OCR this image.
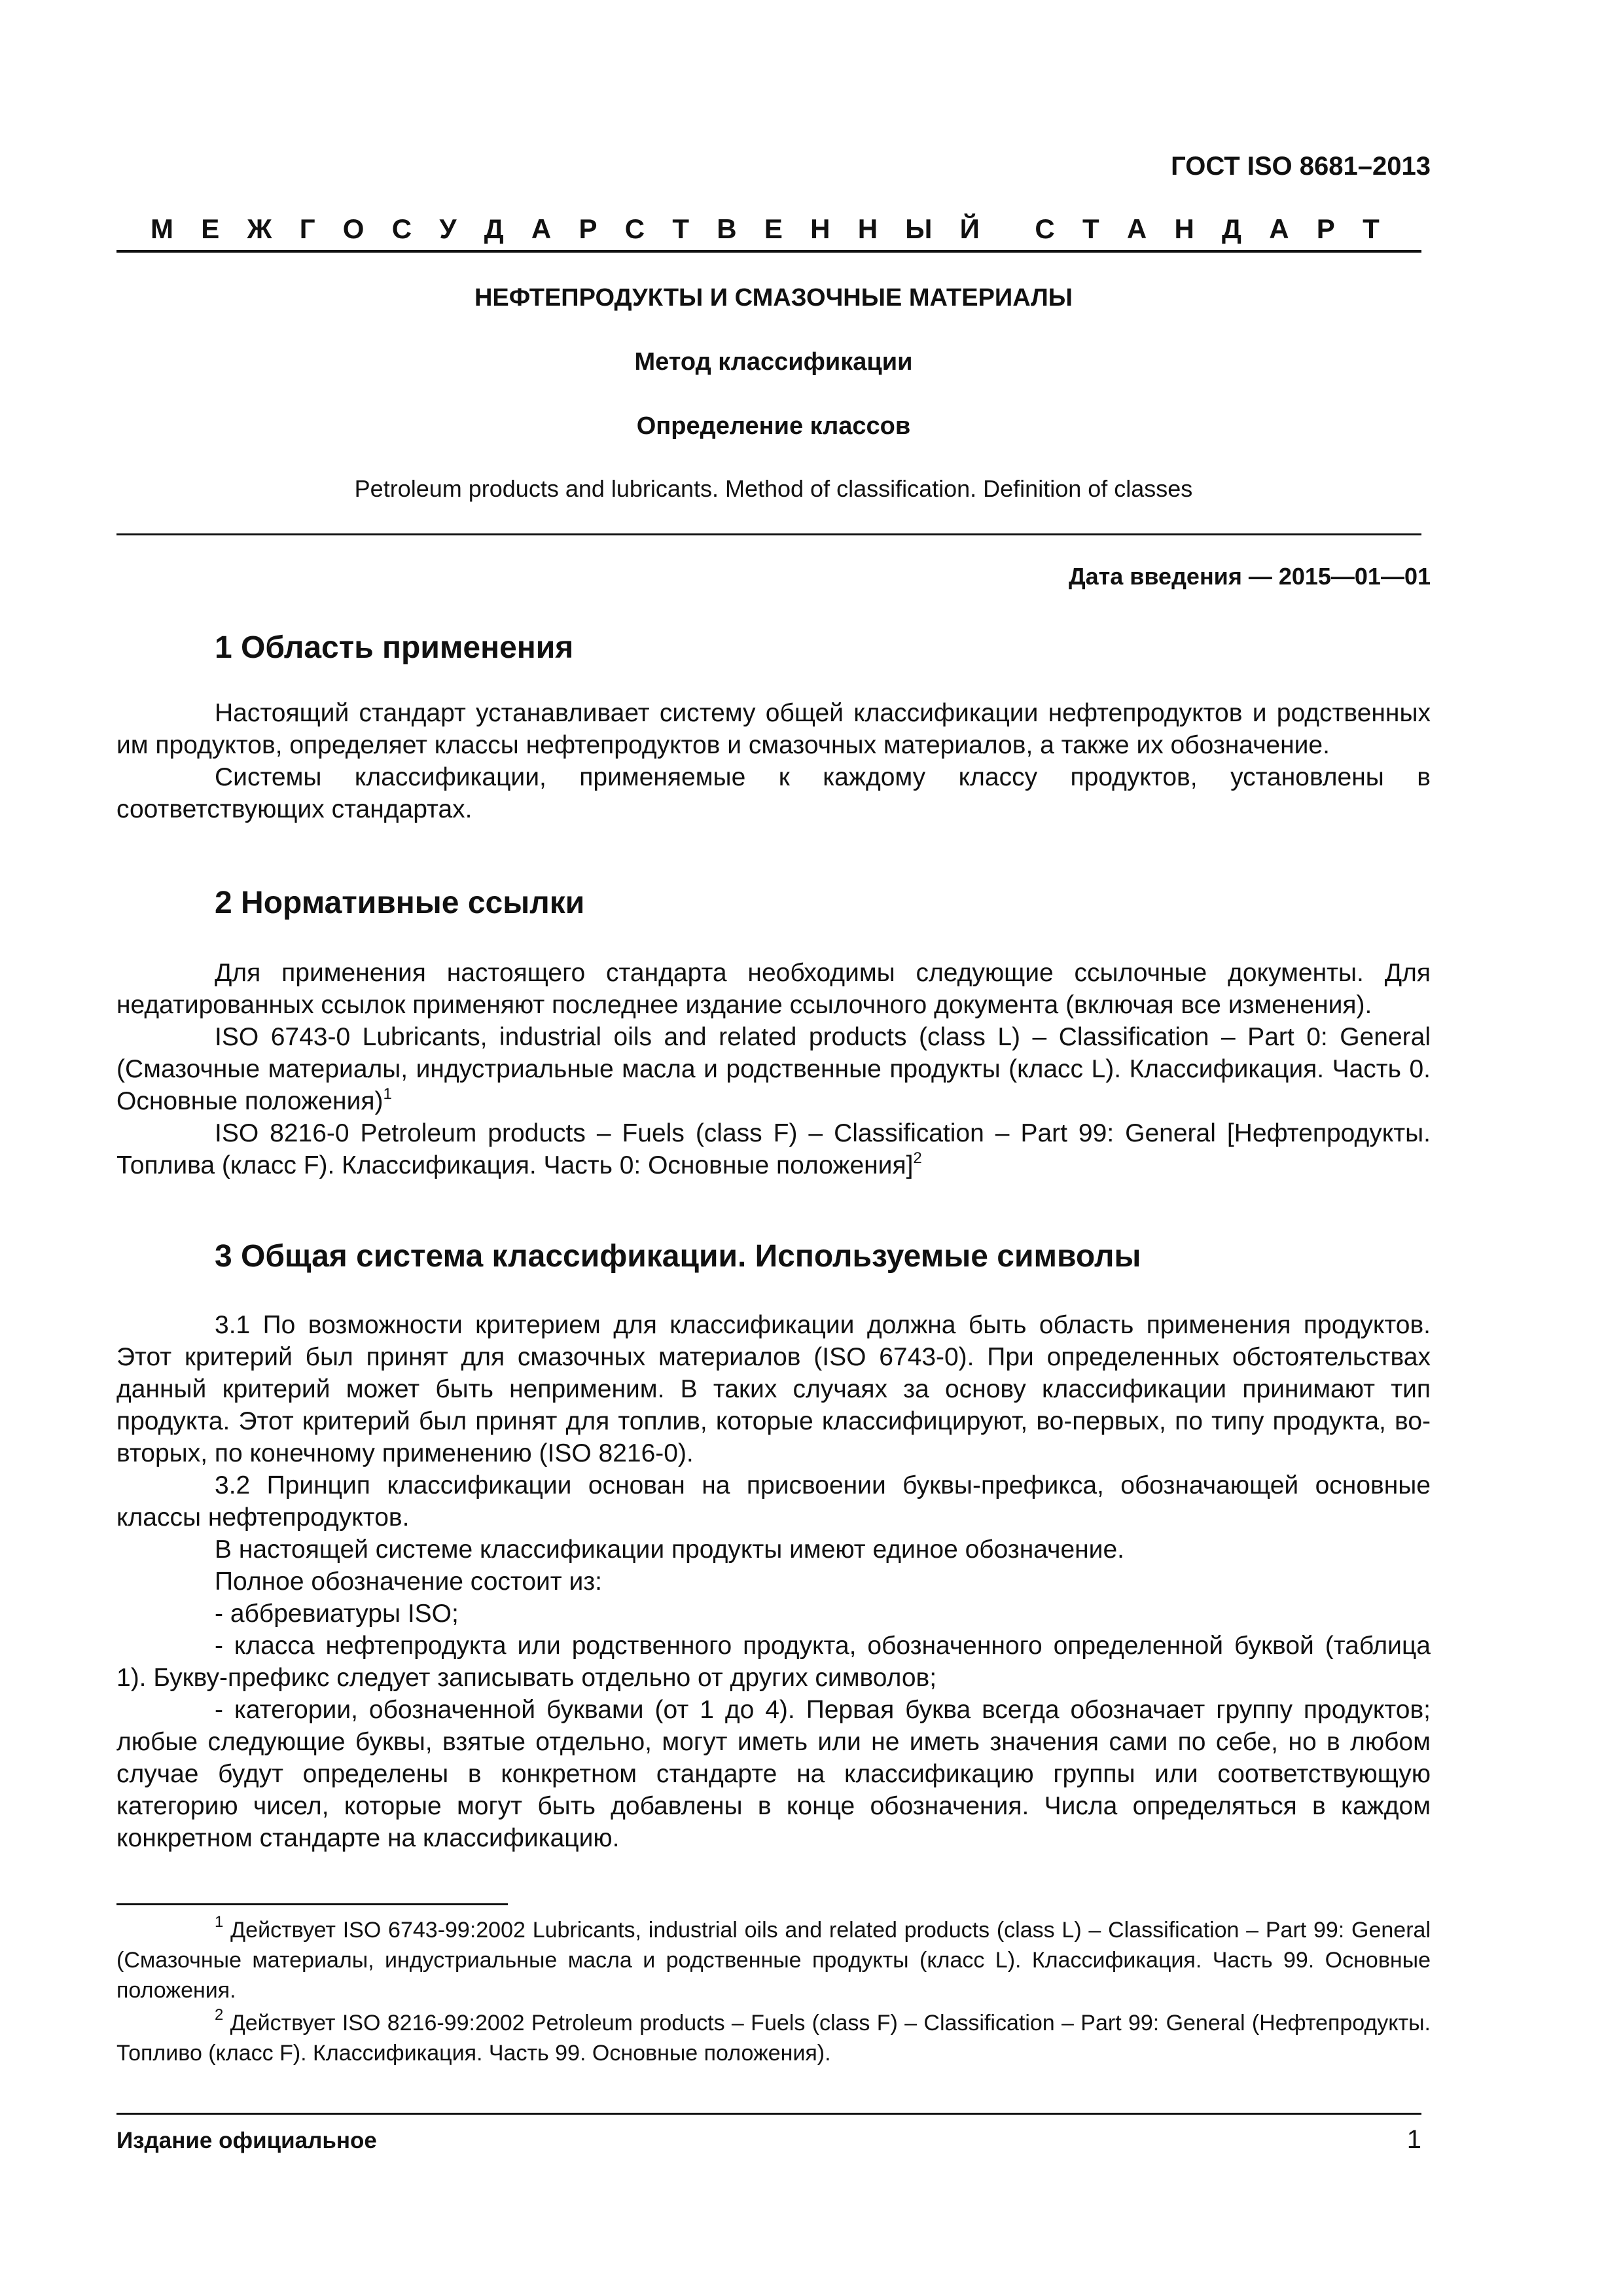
ГОСТ ISO 8681–2013
М Е Ж Г О С У Д А Р С Т В Е Н Н Ы Й С Т А Н Д А Р Т
НЕФТЕПРОДУКТЫ И СМАЗОЧНЫЕ МАТЕРИАЛЫ
Метод классификации
Определение классов
Petroleum products and lubricants. Method of classification. Definition of classes
Дата введения — 2015—01—01
1 Область применения

Настоящий стандарт устанавливает систему общей классификации нефтепродуктов и родственных им продуктов, определяет классы нефтепродуктов и смазочных материалов, а также их обозначение.

Системы классификации, применяемые к каждому классу продуктов, установлены в соответствующих стандартах.

2 Нормативные ссылки

Для применения настоящего стандарта необходимы следующие ссылочные документы. Для недатированных ссылок применяют последнее издание ссылочного документа (включая все изменения).

ISO 6743-0 Lubricants, industrial oils and related products (class L) – Classification – Part 0: General (Смазочные материалы, индустриальные масла и родственные продукты (класс L). Классификация. Часть 0. Основные положения)$^1$

ISO 8216-0 Petroleum products – Fuels (class F) – Classification – Part 99: General [Нефтепродукты. Топлива (класс F). Классификация. Часть 0: Основные положения]$^2$

3 Общая система классификации. Используемые символы

3.1 По возможности критерием для классификации должна быть область применения продуктов. Этот критерий был принят для смазочных материалов (ISO 6743-0). При определенных обстоятельствах данный критерий может быть неприменим. В таких случаях за основу классификации принимают тип продукта. Этот критерий был принят для топлив, которые классифицируют, во-первых, по типу продукта, во-вторых, по конечному применению (ISO 8216-0).

3.2 Принцип классификации основан на присвоении буквы-префикса, обозначающей основные классы нефтепродуктов.

В настоящей системе классификации продукты имеют единое обозначение.

Полное обозначение состоит из:

- аббревиатуры ISO;

- класса нефтепродукта или родственного продукта, обозначенного определенной буквой (таблица 1). Букву-префикс следует записывать отдельно от других символов;

- категории, обозначенной буквами (от 1 до 4). Первая буква всегда обозначает группу продуктов; любые следующие буквы, взятые отдельно, могут иметь или не иметь значения сами по себе, но в любом случае будут определены в конкретном стандарте на классификацию группы или соответствующую категорию чисел, которые могут быть добавлены в конце обозначения. Числа определяться в каждом конкретном стандарте на классификацию.

$^1$ Действует ISO 6743-99:2002 Lubricants, industrial oils and related products (class L) – Classification – Part 99: General (Смазочные материалы, индустриальные масла и родственные продукты (класс L). Классификация. Часть 99. Основные положения.

$^2$ Действует ISO 8216-99:2002 Petroleum products – Fuels (class F) – Classification – Part 99: General (Нефтепродукты. Топливо (класс F). Классификация. Часть 99. Основные положения).

Издание официальное	1
